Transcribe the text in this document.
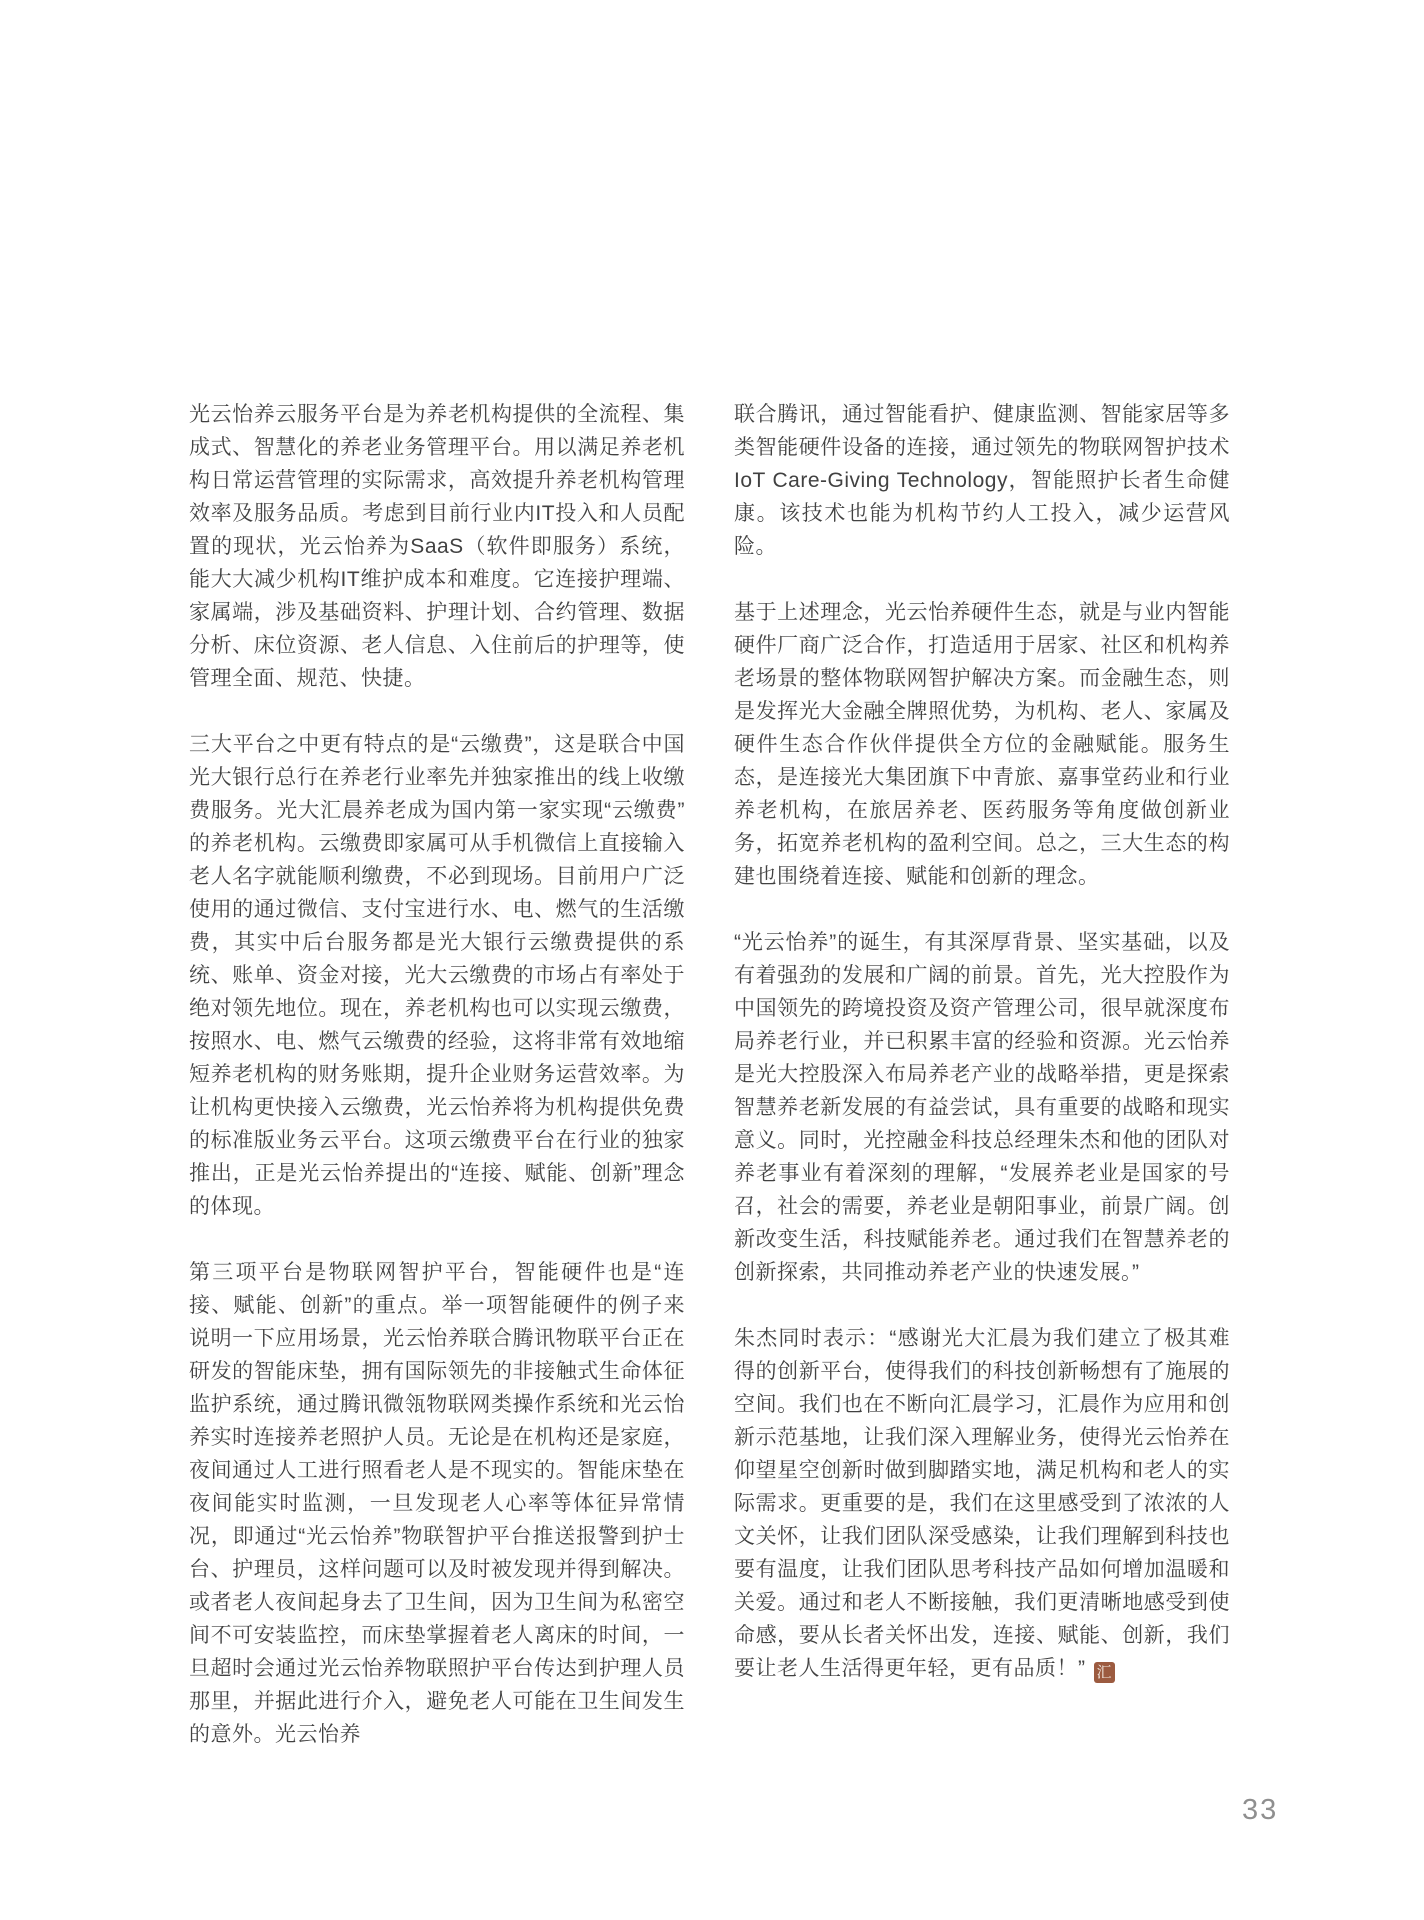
光云怡养云服务平台是为养老机构提供的全流程、集成式、智慧化的养老业务管理平台。用以满足养老机构日常运营管理的实际需求，高效提升养老机构管理效率及服务品质。考虑到目前行业内IT投入和人员配置的现状，光云怡养为SaaS（软件即服务）系统，能大大减少机构IT维护成本和难度。它连接护理端、家属端，涉及基础资料、护理计划、合约管理、数据分析、床位资源、老人信息、入住前后的护理等，使管理全面、规范、快捷。

三大平台之中更有特点的是“云缴费”，这是联合中国光大银行总行在养老行业率先并独家推出的线上收缴费服务。光大汇晨养老成为国内第一家实现“云缴费”的养老机构。云缴费即家属可从手机微信上直接输入老人名字就能顺利缴费，不必到现场。目前用户广泛使用的通过微信、支付宝进行水、电、燃气的生活缴费，其实中后台服务都是光大银行云缴费提供的系统、账单、资金对接，光大云缴费的市场占有率处于绝对领先地位。现在，养老机构也可以实现云缴费，按照水、电、燃气云缴费的经验，这将非常有效地缩短养老机构的财务账期，提升企业财务运营效率。为让机构更快接入云缴费，光云怡养将为机构提供免费的标准版业务云平台。这项云缴费平台在行业的独家推出，正是光云怡养提出的“连接、赋能、创新”理念的体现。

第三项平台是物联网智护平台，智能硬件也是“连接、赋能、创新”的重点。举一项智能硬件的例子来说明一下应用场景，光云怡养联合腾讯物联平台正在研发的智能床垫，拥有国际领先的非接触式生命体征监护系统，通过腾讯微瓴物联网类操作系统和光云怡养实时连接养老照护人员。无论是在机构还是家庭，夜间通过人工进行照看老人是不现实的。智能床垫在夜间能实时监测，一旦发现老人心率等体征异常情况，即通过“光云怡养”物联智护平台推送报警到护士台、护理员，这样问题可以及时被发现并得到解决。或者老人夜间起身去了卫生间，因为卫生间为私密空间不可安装监控，而床垫掌握着老人离床的时间，一旦超时会通过光云怡养物联照护平台传达到护理人员那里，并据此进行介入，避免老人可能在卫生间发生的意外。光云怡养

联合腾讯，通过智能看护、健康监测、智能家居等多类智能硬件设备的连接，通过领先的物联网智护技术IoT Care-Giving Technology，智能照护长者生命健康。该技术也能为机构节约人工投入，减少运营风险。

基于上述理念，光云怡养硬件生态，就是与业内智能硬件厂商广泛合作，打造适用于居家、社区和机构养老场景的整体物联网智护解决方案。而金融生态，则是发挥光大金融全牌照优势，为机构、老人、家属及硬件生态合作伙伴提供全方位的金融赋能。服务生态，是连接光大集团旗下中青旅、嘉事堂药业和行业养老机构，在旅居养老、医药服务等角度做创新业务，拓宽养老机构的盈利空间。总之，三大生态的构建也围绕着连接、赋能和创新的理念。

“光云怡养”的诞生，有其深厚背景、坚实基础，以及有着强劲的发展和广阔的前景。首先，光大控股作为中国领先的跨境投资及资产管理公司，很早就深度布局养老行业，并已积累丰富的经验和资源。光云怡养是光大控股深入布局养老产业的战略举措，更是探索智慧养老新发展的有益尝试，具有重要的战略和现实意义。同时，光控融金科技总经理朱杰和他的团队对养老事业有着深刻的理解，“发展养老业是国家的号召，社会的需要，养老业是朝阳事业，前景广阔。创新改变生活，科技赋能养老。通过我们在智慧养老的创新探索，共同推动养老产业的快速发展。”

朱杰同时表示：“感谢光大汇晨为我们建立了极其难得的创新平台，使得我们的科技创新畅想有了施展的空间。我们也在不断向汇晨学习，汇晨作为应用和创新示范基地，让我们深入理解业务，使得光云怡养在仰望星空创新时做到脚踏实地，满足机构和老人的实际需求。更重要的是，我们在这里感受到了浓浓的人文关怀，让我们团队深受感染，让我们理解到科技也要有温度，让我们团队思考科技产品如何增加温暖和关爱。通过和老人不断接触，我们更清晰地感受到使命感，要从长者关怀出发，连接、赋能、创新，我们要让老人生活得更年轻，更有品质！” 汇

33
